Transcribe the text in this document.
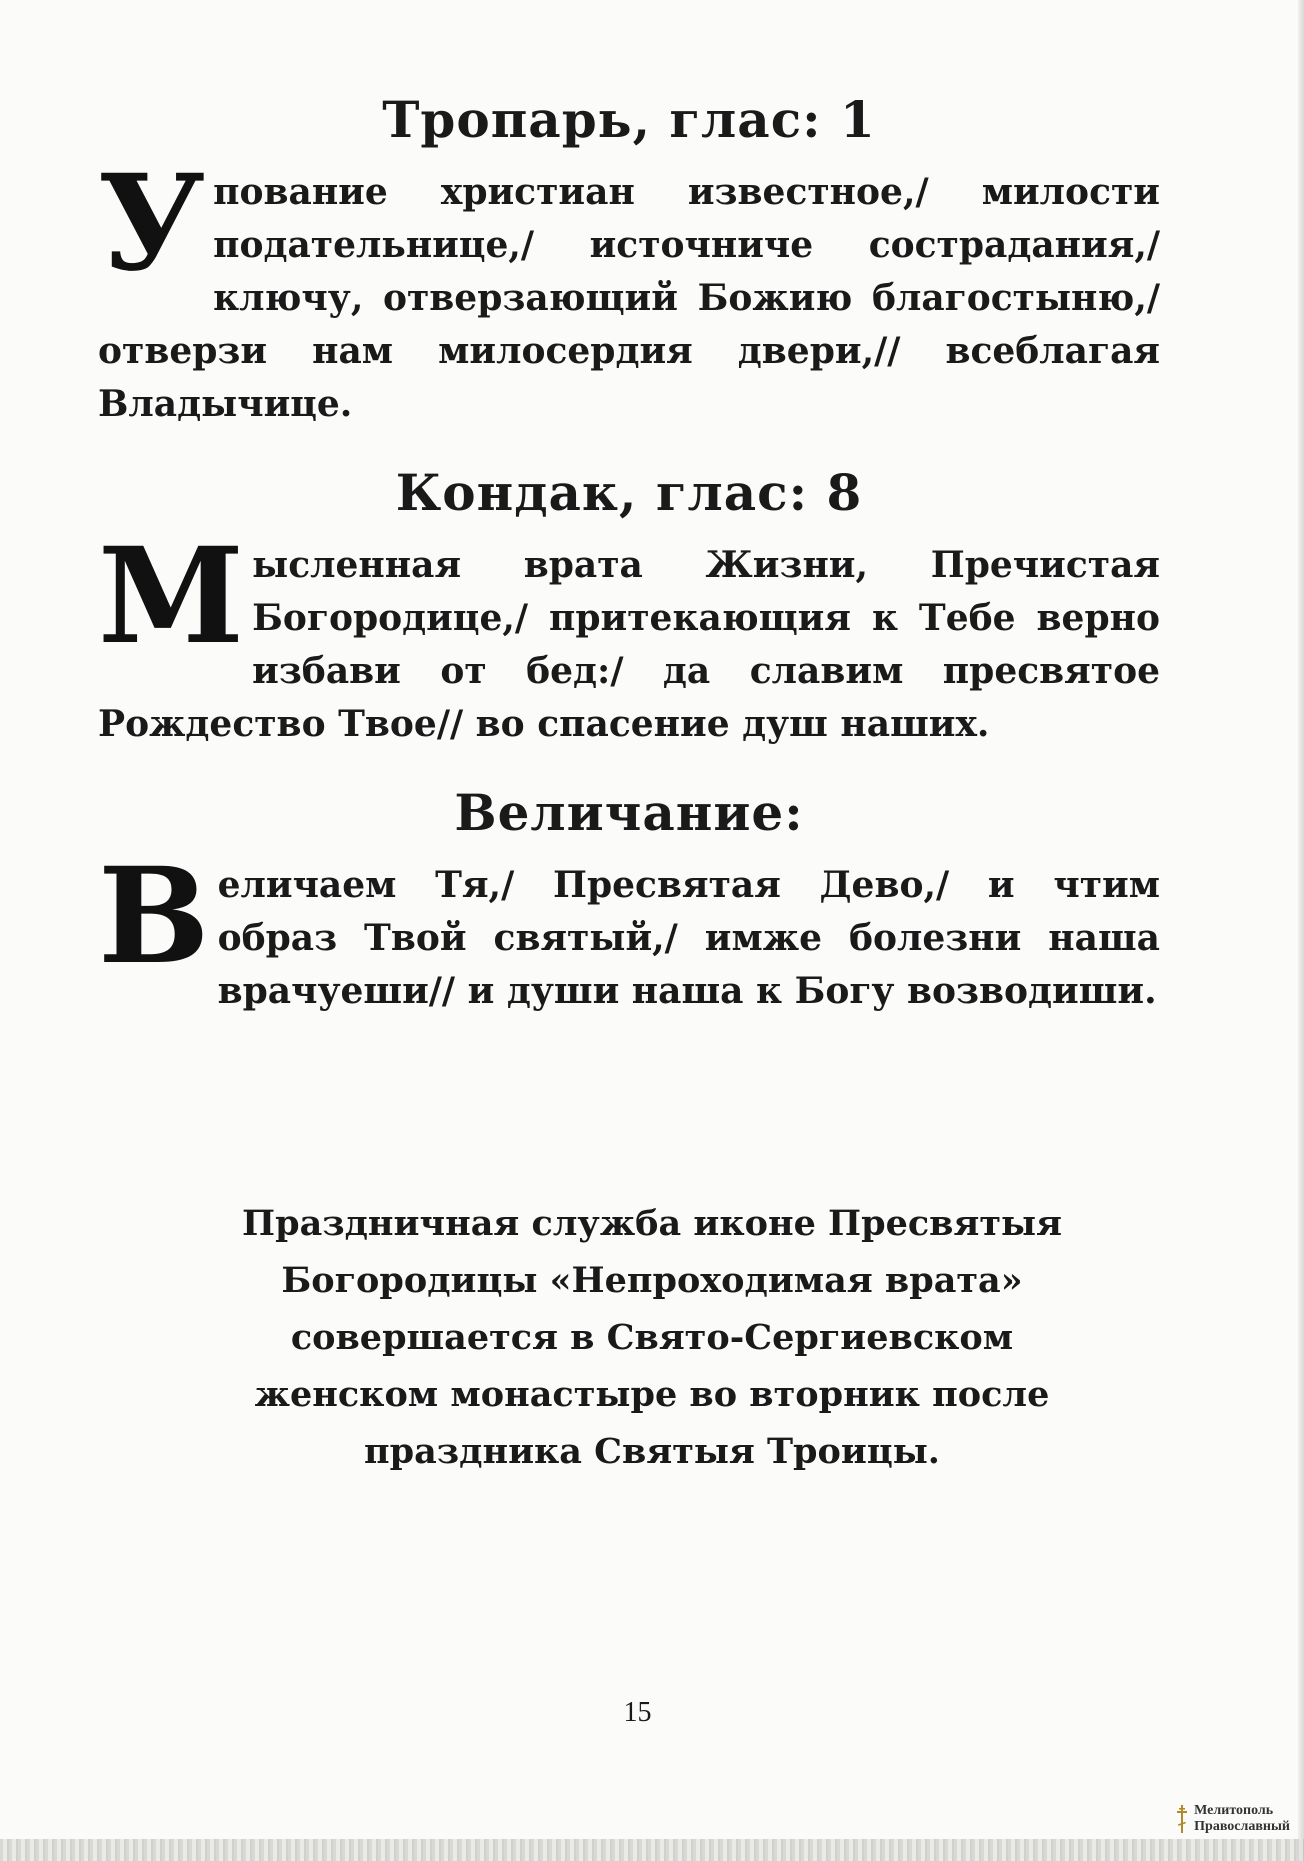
Тропарь, глас: 1

Упование христиан известное,/ милости подательнице,/ источниче сострадания,/ ключу, отверзающий Божию благостыню,/ отверзи нам милосердия двери,// всеблагая Владычице.

Кондак, глас: 8

Мысленная врата Жизни, Пречистая Богородице,/ притекающия к Тебе верно избави от бед:/ да славим пресвятое Рождество Твое// во спасение душ наших.

Величание:

Величаем Тя,/ Пресвятая Дево,/ и чтим образ Твой святый,/ имже болезни наша врачуеши// и души наша к Богу возводиши.

Праздничная служба иконе Пресвятыя Богородицы «Непроходимая врата» совершается в Свято-Сергиевском женском монастыре во вторник после праздника Святыя Троицы.

15
Мелитополь
Православный
